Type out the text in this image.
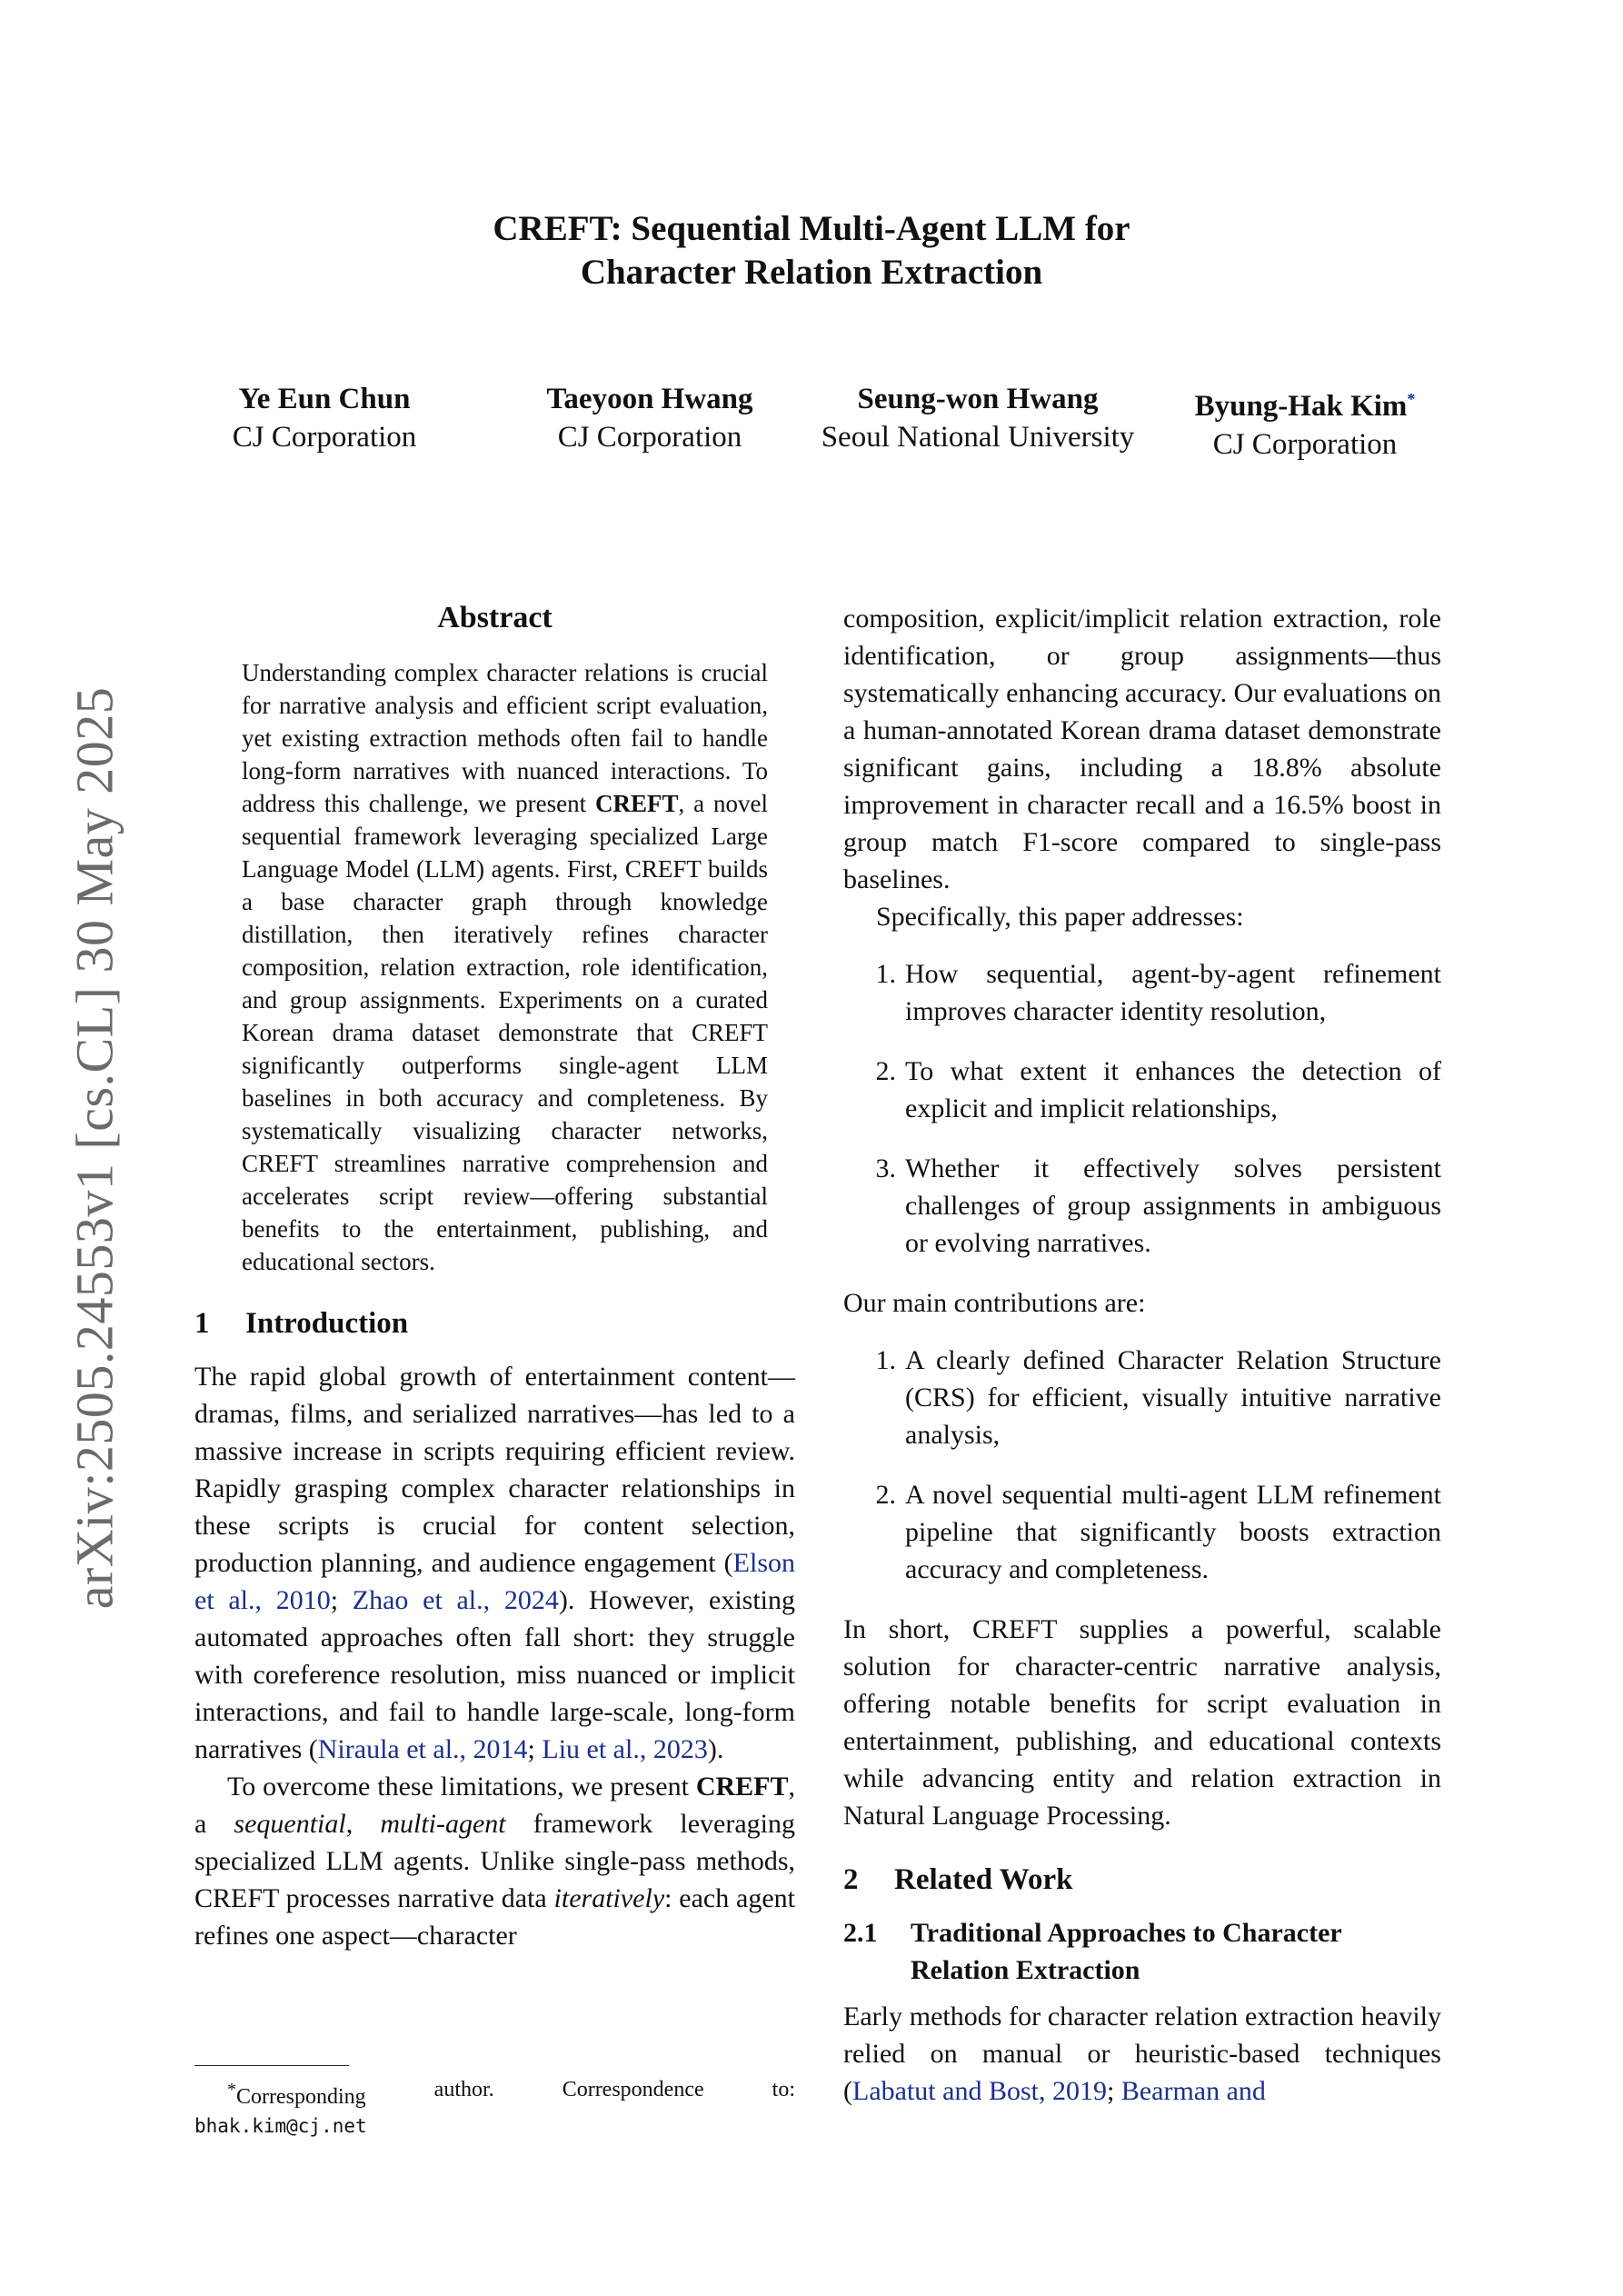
arXiv:2505.24553v1 [cs.CL] 30 May 2025
CREFT: Sequential Multi-Agent LLM for
Character Relation Extraction
Ye Eun Chun
CJ Corporation
Taeyoon Hwang
CJ Corporation
Seung-won Hwang
Seoul National University
Byung-Hak Kim*
CJ Corporation
Abstract
Understanding complex character relations is crucial for narrative analysis and efficient script evaluation, yet existing extraction methods often fail to handle long-form narratives with nuanced interactions. To address this challenge, we present CREFT, a novel sequential framework leveraging specialized Large Language Model (LLM) agents. First, CREFT builds a base character graph through knowledge distillation, then iteratively refines character composition, relation extraction, role identification, and group assignments. Experiments on a curated Korean drama dataset demonstrate that CREFT significantly outperforms single-agent LLM baselines in both accuracy and completeness. By systematically visualizing character networks, CREFT streamlines narrative comprehension and accelerates script review—offering substantial benefits to the entertainment, publishing, and educational sectors.
1 Introduction

The rapid global growth of entertainment content—dramas, films, and serialized narratives—has led to a massive increase in scripts requiring efficient review. Rapidly grasping complex character relationships in these scripts is crucial for content selection, production planning, and audience engagement (Elson et al., 2010; Zhao et al., 2024). However, existing automated approaches often fall short: they struggle with coreference resolution, miss nuanced or implicit interactions, and fail to handle large-scale, long-form narratives (Niraula et al., 2014; Liu et al., 2023).

To overcome these limitations, we present CREFT, a sequential, multi-agent framework leveraging specialized LLM agents. Unlike single-pass methods, CREFT processes narrative data iteratively: each agent refines one aspect—character

*Corresponding	author.	Correspondence	to:
bhak.kim@cj.net

composition, explicit/implicit relation extraction, role identification, or group assignments—thus systematically enhancing accuracy. Our evaluations on a human-annotated Korean drama dataset demonstrate significant gains, including a 18.8% absolute improvement in character recall and a 16.5% boost in group match F1-score compared to single-pass baselines.

Specifically, this paper addresses:

1. How sequential, agent-by-agent refinement improves character identity resolution,
2. To what extent it enhances the detection of explicit and implicit relationships,
3. Whether it effectively solves persistent challenges of group assignments in ambiguous or evolving narratives.

Our main contributions are:

1. A clearly defined Character Relation Structure (CRS) for efficient, visually intuitive narrative analysis,
2. A novel sequential multi-agent LLM refinement pipeline that significantly boosts extraction accuracy and completeness.

In short, CREFT supplies a powerful, scalable solution for character-centric narrative analysis, offering notable benefits for script evaluation in entertainment, publishing, and educational contexts while advancing entity and relation extraction in Natural Language Processing.

2 Related Work
2.1	Traditional Approaches to Character Relation Extraction

Early methods for character relation extraction heavily relied on manual or heuristic-based techniques (Labatut and Bost, 2019; Bearman and
